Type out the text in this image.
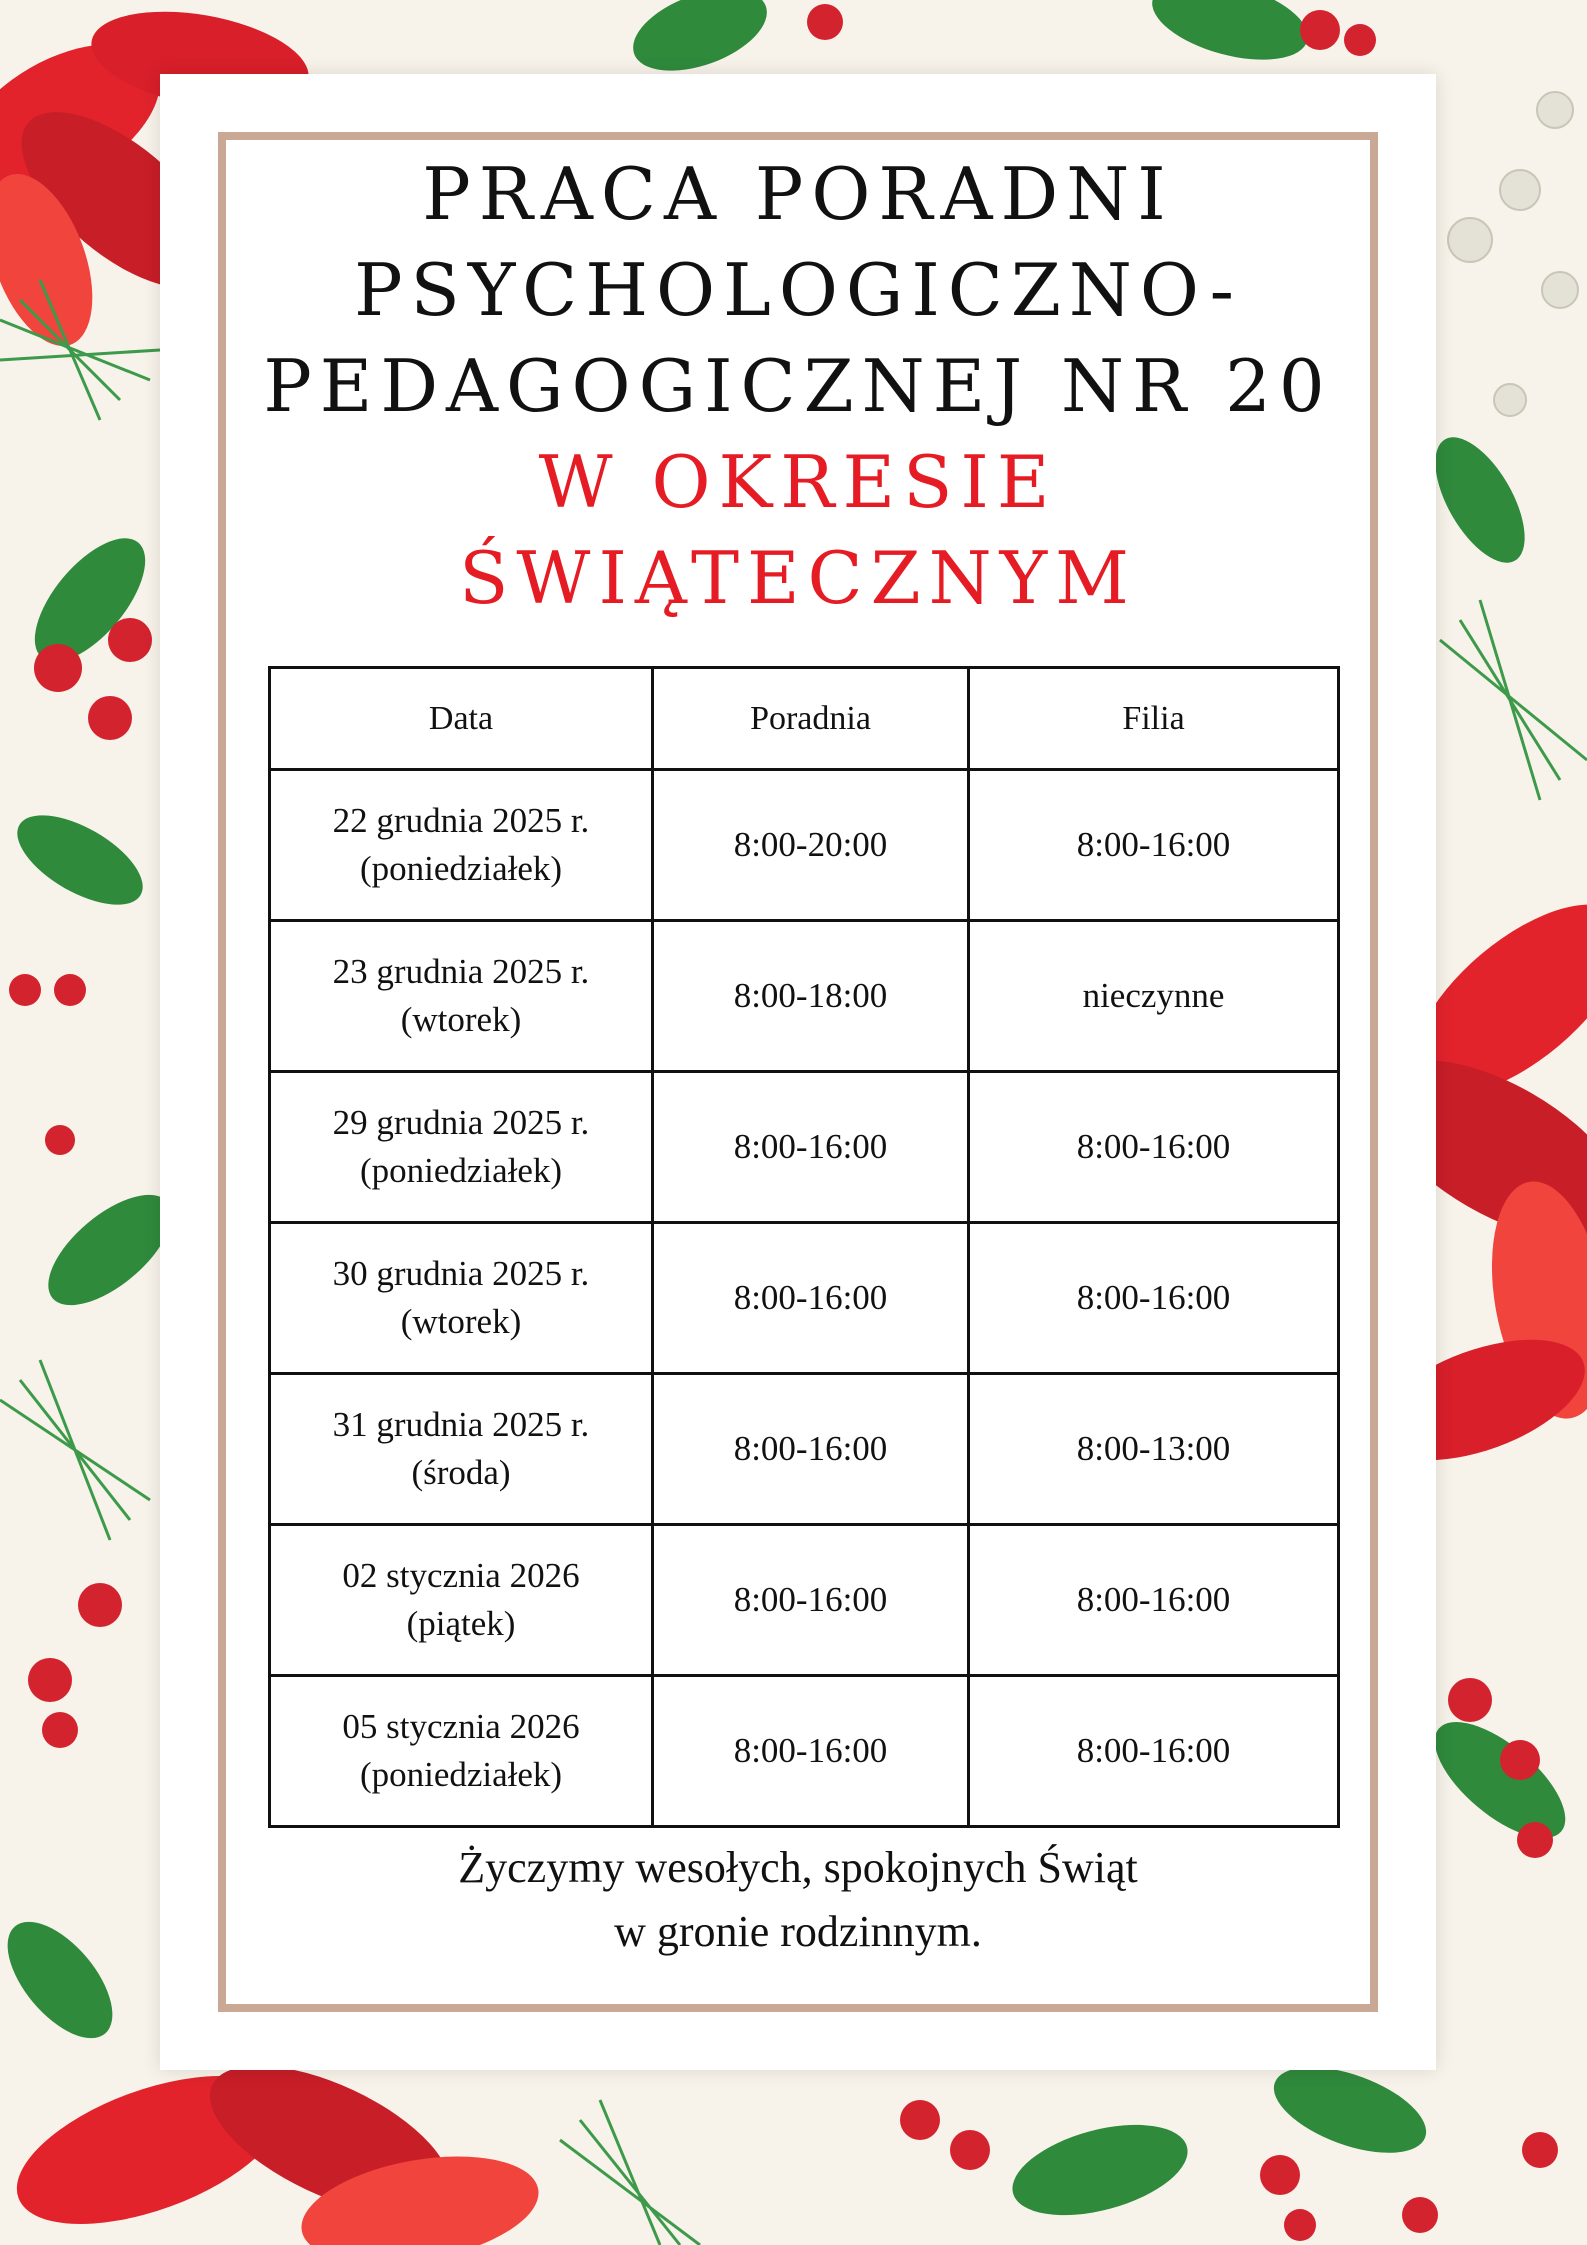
PRACA PORADNI
PSYCHOLOGICZNO-
PEDAGOGICZNEJ NR 20
W OKRESIE
ŚWIĄTECZNYM
Data	Poradnia	Filia

22 grudnia 2025 r.
(poniedziałek)	8:00-20:00	8:00-16:00

23 grudnia 2025 r.
(wtorek)	8:00-18:00	nieczynne

29 grudnia 2025 r.
(poniedziałek)	8:00-16:00	8:00-16:00

30 grudnia 2025 r.
(wtorek)	8:00-16:00	8:00-16:00

31 grudnia 2025 r.
(środa)	8:00-16:00	8:00-13:00

02 stycznia 2026
(piątek)	8:00-16:00	8:00-16:00

05 stycznia 2026
(poniedziałek)	8:00-16:00	8:00-16:00
Życzymy wesołych, spokojnych Świąt
w gronie rodzinnym.
